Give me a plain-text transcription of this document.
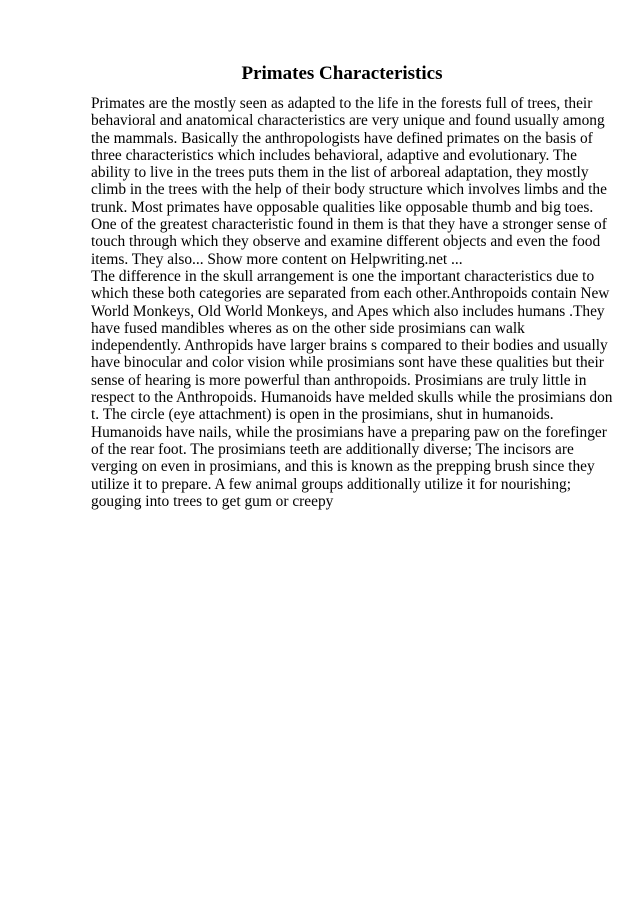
Primates Characteristics
Primates are the mostly seen as adapted to the life in the forests full of trees, their
behavioral and anatomical characteristics are very unique and found usually among
the mammals. Basically the anthropologists have defined primates on the basis of
three characteristics which includes behavioral, adaptive and evolutionary. The
ability to live in the trees puts them in the list of arboreal adaptation, they mostly
climb in the trees with the help of their body structure which involves limbs and the
trunk. Most primates have opposable qualities like opposable thumb and big toes.
One of the greatest characteristic found in them is that they have a stronger sense of
touch through which they observe and examine different objects and even the food
items. They also... Show more content on Helpwriting.net ...
The difference in the skull arrangement is one the important characteristics due to
which these both categories are separated from each other.Anthropoids contain New
World Monkeys, Old World Monkeys, and Apes which also includes humans .They
have fused mandibles wheres as on the other side prosimians can walk
independently. Anthropids have larger brains s compared to their bodies and usually
have binocular and color vision while prosimians sont have these qualities but their
sense of hearing is more powerful than anthropoids. Prosimians are truly little in
respect to the Anthropoids. Humanoids have melded skulls while the prosimians don
t. The circle (eye attachment) is open in the prosimians, shut in humanoids.
Humanoids have nails, while the prosimians have a preparing paw on the forefinger
of the rear foot. The prosimians teeth are additionally diverse; The incisors are
verging on even in prosimians, and this is known as the prepping brush since they
utilize it to prepare. A few animal groups additionally utilize it for nourishing;
gouging into trees to get gum or creepy
